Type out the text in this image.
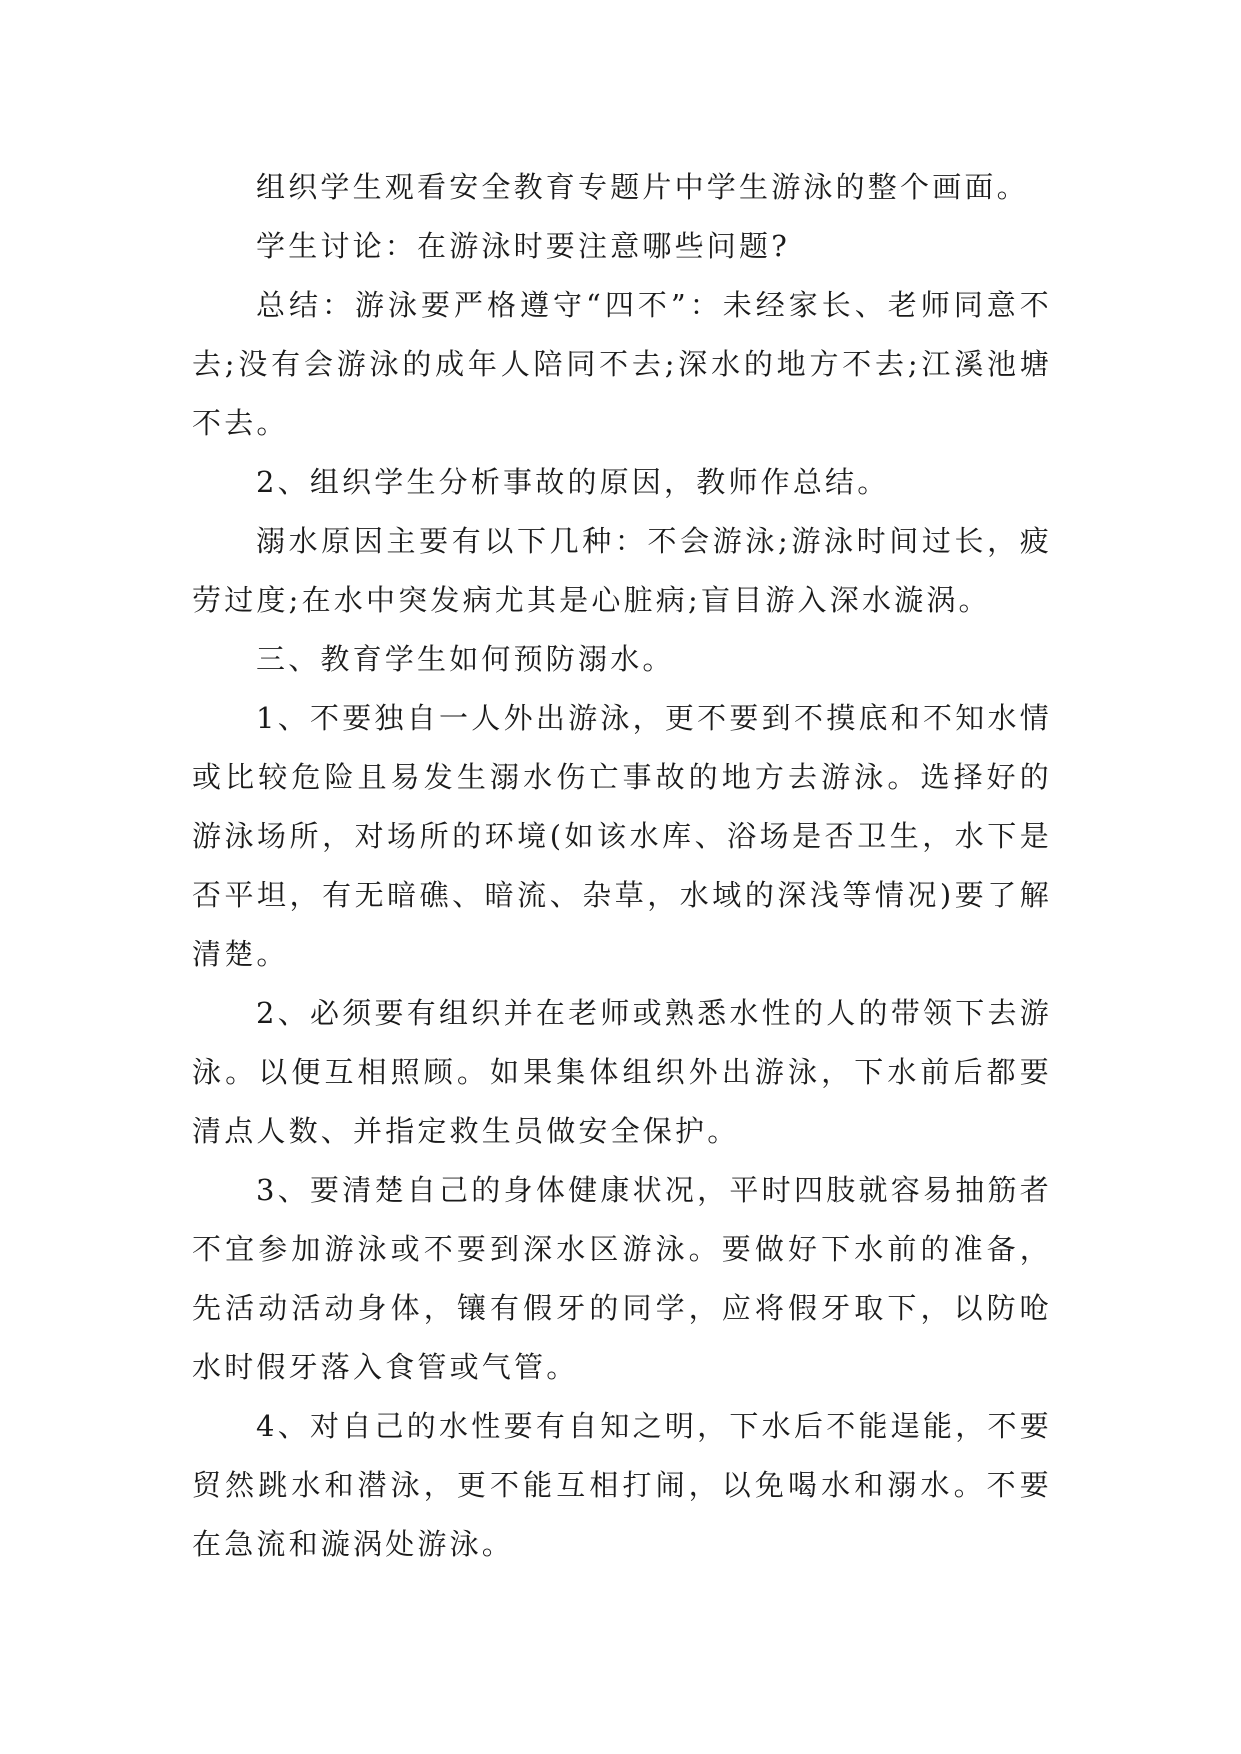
组织学生观看安全教育专题片中学生游泳的整个画面。

学生讨论：在游泳时要注意哪些问题?

总结：游泳要严格遵守“四不”：未经家长、老师同意不去;没有会游泳的成年人陪同不去;深水的地方不去;江溪池塘不去。

2、组织学生分析事故的原因，教师作总结。

溺水原因主要有以下几种：不会游泳;游泳时间过长，疲劳过度;在水中突发病尤其是心脏病;盲目游入深水漩涡。

三、教育学生如何预防溺水。

1、不要独自一人外出游泳，更不要到不摸底和不知水情或比较危险且易发生溺水伤亡事故的地方去游泳。选择好的游泳场所，对场所的环境(如该水库、浴场是否卫生，水下是否平坦，有无暗礁、暗流、杂草，水域的深浅等情况)要了解清楚。

2、必须要有组织并在老师或熟悉水性的人的带领下去游泳。以便互相照顾。如果集体组织外出游泳，下水前后都要清点人数、并指定救生员做安全保护。

3、要清楚自己的身体健康状况，平时四肢就容易抽筋者不宜参加游泳或不要到深水区游泳。要做好下水前的准备，先活动活动身体，镶有假牙的同学，应将假牙取下，以防呛水时假牙落入食管或气管。

4、对自己的水性要有自知之明，下水后不能逞能，不要贸然跳水和潜泳，更不能互相打闹，以免喝水和溺水。不要在急流和漩涡处游泳。
